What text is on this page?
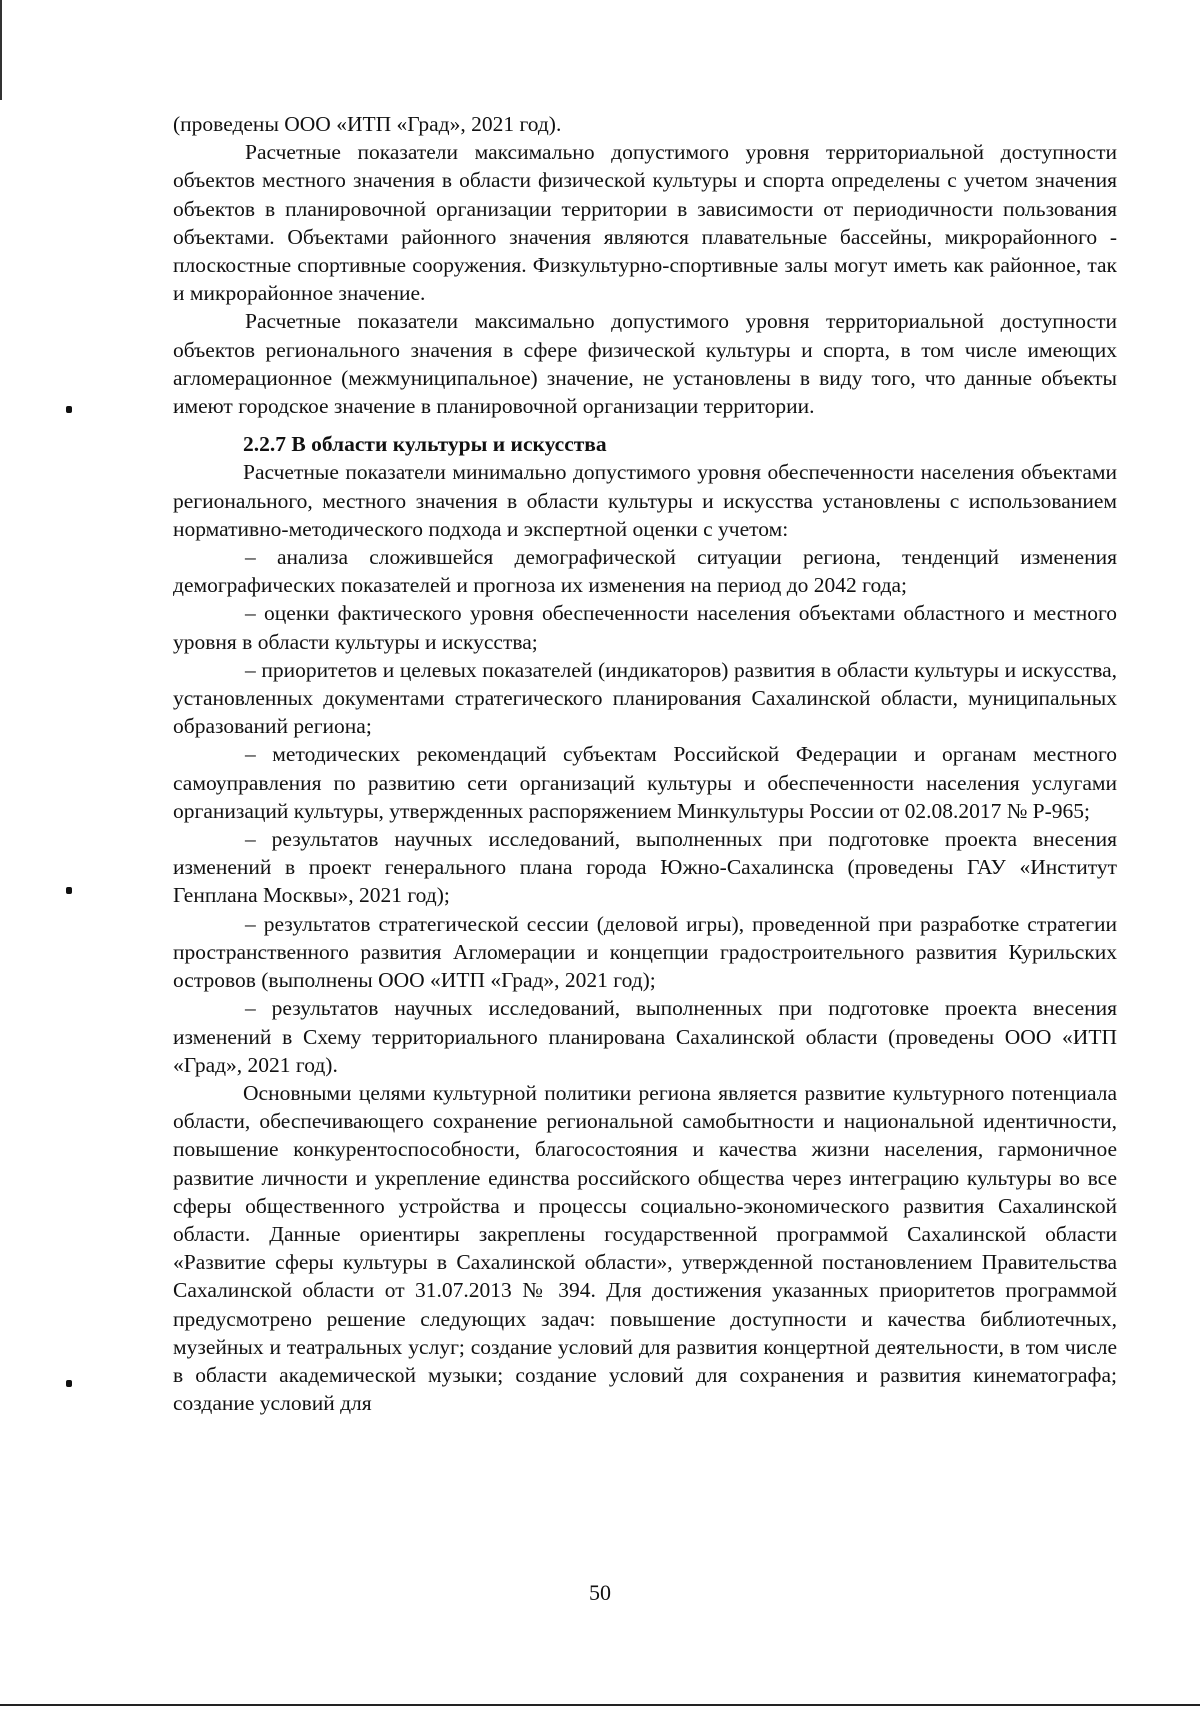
(проведены ООО «ИТП «Град», 2021 год).

Расчетные показатели максимально допустимого уровня территориальной доступности объектов местного значения в области физической культуры и спорта определены с учетом значения объектов в планировочной организации территории в зависимости от периодичности пользования объектами. Объектами районного значения являются плавательные бассейны, микрорайонного - плоскостные спортивные сооружения. Физкультурно-спортивные залы могут иметь как районное, так и микрорайонное значение.

Расчетные показатели максимально допустимого уровня территориальной доступности объектов регионального значения в сфере физической культуры и спорта, в том числе имеющих агломерационное (межмуниципальное) значение, не установлены в виду того, что данные объекты имеют городское значение в планировочной организации территории.

2.2.7 В области культуры и искусства

Расчетные показатели минимально допустимого уровня обеспеченности населения объектами регионального, местного значения в области культуры и искусства установлены с использованием нормативно-методического подхода и экспертной оценки с учетом:

– анализа сложившейся демографической ситуации региона, тенденций изменения демографических показателей и прогноза их изменения на период до 2042 года;

– оценки фактического уровня обеспеченности населения объектами областного и местного уровня в области культуры и искусства;

– приоритетов и целевых показателей (индикаторов) развития в области культуры и искусства, установленных документами стратегического планирования Сахалинской области, муниципальных образований региона;

– методических рекомендаций субъектам Российской Федерации и органам местного самоуправления по развитию сети организаций культуры и обеспеченности населения услугами организаций культуры, утвержденных распоряжением Минкультуры России от 02.08.2017 № Р-965;

– результатов научных исследований, выполненных при подготовке проекта внесения изменений в проект генерального плана города Южно-Сахалинска (проведены ГАУ «Институт Генплана Москвы», 2021 год);

– результатов стратегической сессии (деловой игры), проведенной при разработке стратегии пространственного развития Агломерации и концепции градостроительного развития Курильских островов (выполнены ООО «ИТП «Град», 2021 год);

– результатов научных исследований, выполненных при подготовке проекта внесения изменений в Схему территориального планирована Сахалинской области (проведены ООО «ИТП «Град», 2021 год).

Основными целями культурной политики региона является развитие культурного потенциала области, обеспечивающего сохранение региональной самобытности и национальной идентичности, повышение конкурентоспособности, благосостояния и качества жизни населения, гармоничное развитие личности и укрепление единства российского общества через интеграцию культуры во все сферы общественного устройства и процессы социально-экономического развития Сахалинской области. Данные ориентиры закреплены государственной программой Сахалинской области «Развитие сферы культуры в Сахалинской области», утвержденной постановлением Правительства Сахалинской области от 31.07.2013 № 394. Для достижения указанных приоритетов программой предусмотрено решение следующих задач: повышение доступности и качества библиотечных, музейных и театральных услуг; создание условий для развития концертной деятельности, в том числе в области академической музыки; создание условий для сохранения и развития кинематографа; создание условий для

50
